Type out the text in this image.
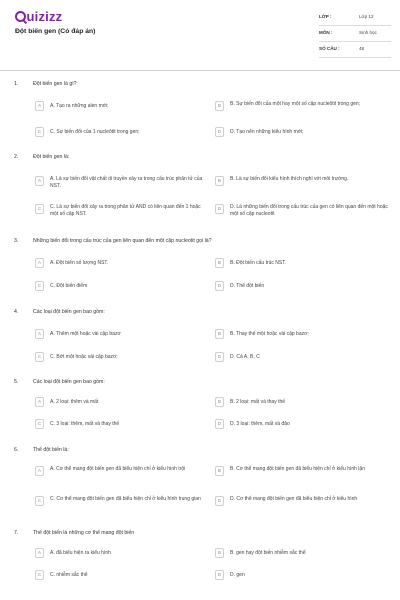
uizizz
Đột biến gen (Có đáp án)
LỚP :	Lớp 12
MÔN :	Sinh học
SỐ CÂU :	48
1.	Đột biến gen là gì?
A	A. Tạo ra những alen mới;	B	B. Sự biến đổi của một hay một số cặp nucleôtit trong gen;
C	C. Sự biến đổi của 1 nucleôtit trong gen;	D	D. Tạo nên những kiểu hình mới;
2.	Đột biến gen là:
A	A. Là sự biến đổi vật chất di truyền xảy ra trong cấu trúc phân tử của NST.
B	B. Là sự biến đổi kiểu hình thích nghi với môi trường.
C	C. Là sự biến đổi xảy ra trong phân tử AND có liên quan đến 1 hoặc một số cặp NST.
D	D. Là những biến đổi trong cấu trúc của gen có liên quan đến một hoặc một số cặp nucleotit
3.	Những biến đổi trong cấu trúc của gen liên quan đến một cặp nucleotit gọi là?
A	A. Đột biến số lượng NST.	B	B. Đột biến cấu trúc NST.
C	C. Đột biến điểm	D	D. Thể đột biến
4.	Các loại đột biến gen bao gồm:
A	A. Thêm một hoặc vài cặp bazơ	B	B. Thay thế một hoặc vài cặp bazơ;
C	C. Bớt một hoặc vài cặp bazơ;	D	D. Cả A, B, C
5.	Các loại đột biến gen bao gồm:
A	A. 2 loại: thêm và mất	B	B. 2 loại: mất và thay thế
C	C. 3 loại: thêm, mất và thay thế	D	D. 3 loại: thêm, mất và đảo
6.	Thể đột biến là:
A	A. Cơ thể mang đột biến gen đã biểu hiện chỉ ở kiểu hình trội	B	B. Cơ thể mang đột biến gen đã biểu hiện chỉ ở kiểu hình lặn
C	C. Cơ thể mang đột biến gen đã biểu hiện chỉ ở kiểu hình trung gian	D	D. Cơ thể mang đột biến gen đã biểu hiện chỉ ở kiểu hình
7.	Thể đột biến là những cơ thể mang đột biến
A	A. đã biểu hiện ra kiểu hình	B	B. gen hay đột biến nhiễm sắc thể
C	C. nhiễm sắc thể	D	D. gen
